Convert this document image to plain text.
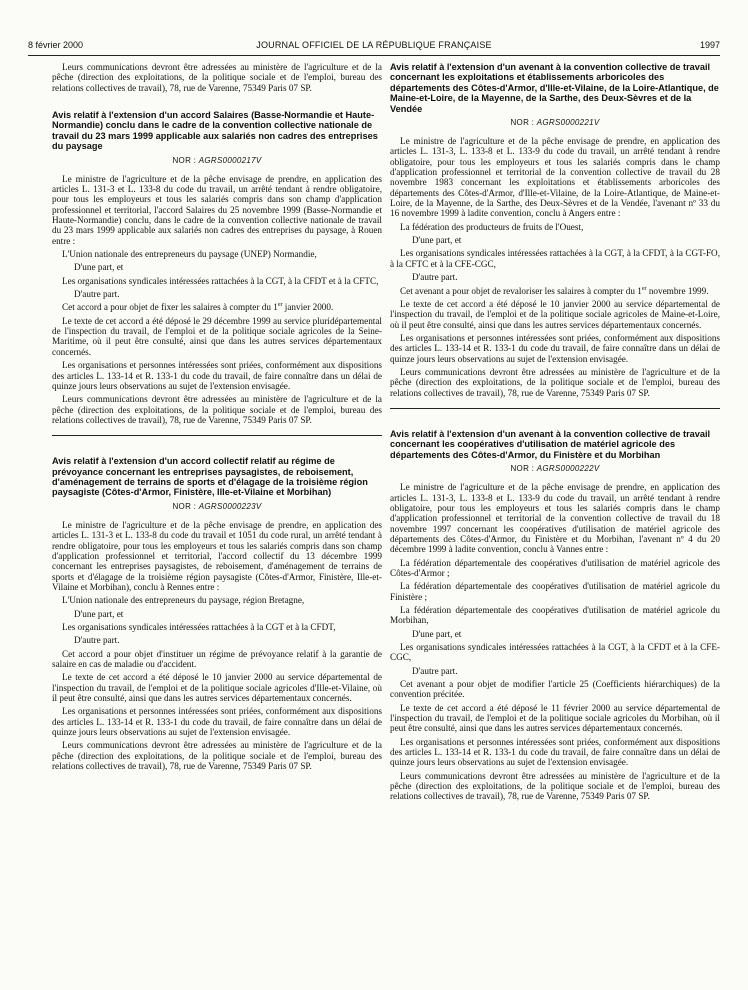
8 février 2000	JOURNAL OFFICIEL DE LA RÉPUBLIQUE FRANÇAISE	1997

Leurs communications devront être adressées au ministère de l'agriculture et de la pêche (direction des exploitations, de la politique sociale et de l'emploi, bureau des relations collectives de travail), 78, rue de Varenne, 75349 Paris 07 SP.

Avis relatif à l'extension d'un accord Salaires (Basse-Normandie et Haute-Normandie) conclu dans le cadre de la convention collective nationale de travail du 23 mars 1999 applicable aux salariés non cadres des entreprises du paysage
NOR : AGRS0000217V

Le ministre de l'agriculture et de la pêche envisage de prendre, en application des articles L. 131-3 et L. 133-8 du code du travail, un arrêté tendant à rendre obligatoire, pour tous les employeurs et tous les salariés compris dans son champ d'application professionnel et territorial, l'accord Salaires du 25 novembre 1999 (Basse-Normandie et Haute-Normandie) conclu, dans le cadre de la convention collective nationale de travail du 23 mars 1999 applicable aux salariés non cadres des entreprises du paysage, à Rouen entre :

L'Union nationale des entrepreneurs du paysage (UNEP) Normandie,

D'une part, et

Les organisations syndicales intéressées rattachées à la CGT, à la CFDT et à la CFTC,

D'autre part.

Cet accord a pour objet de fixer les salaires à compter du 1er janvier 2000.

Le texte de cet accord a été déposé le 29 décembre 1999 au service pluridépartemental de l'inspection du travail, de l'emploi et de la politique sociale agricoles de la Seine-Maritime, où il peut être consulté, ainsi que dans les autres services départementaux concernés.

Les organisations et personnes intéressées sont priées, conformément aux dispositions des articles L. 133-14 et R. 133-1 du code du travail, de faire connaître dans un délai de quinze jours leurs observations au sujet de l'extension envisagée.

Leurs communications devront être adressées au ministère de l'agriculture et de la pêche (direction des exploitations, de la politique sociale et de l'emploi, bureau des relations collectives de travail), 78, rue de Varenne, 75349 Paris 07 SP.

Avis relatif à l'extension d'un accord collectif relatif au régime de prévoyance concernant les entreprises paysagistes, de reboisement, d'aménagement de terrains de sports et d'élagage de la troisième région paysagiste (Côtes-d'Armor, Finistère, Ille-et-Vilaine et Morbihan)
NOR : AGRS0000223V

Le ministre de l'agriculture et de la pêche envisage de prendre, en application des articles L. 131-3 et L. 133-8 du code du travail et 1051 du code rural, un arrêté tendant à rendre obligatoire, pour tous les employeurs et tous les salariés compris dans son champ d'application professionnel et territorial, l'accord collectif du 13 décembre 1999 concernant les entreprises paysagistes, de reboisement, d'aménagement de terrains de sports et d'élagage de la troisième région paysagiste (Côtes-d'Armor, Finistère, Ille-et-Vilaine et Morbihan), conclu à Rennes entre :

L'Union nationale des entrepreneurs du paysage, région Bretagne,

D'une part, et

Les organisations syndicales intéressées rattachées à la CGT et à la CFDT,

D'autre part.

Cet accord a pour objet d'instituer un régime de prévoyance relatif à la garantie de salaire en cas de maladie ou d'accident.

Le texte de cet accord a été déposé le 10 janvier 2000 au service départemental de l'inspection du travail, de l'emploi et de la politique sociale agricoles d'Ille-et-Vilaine, où il peut être consulté, ainsi que dans les autres services départementaux concernés.

Les organisations et personnes intéressées sont priées, conformément aux dispositions des articles L. 133-14 et R. 133-1 du code du travail, de faire connaître dans un délai de quinze jours leurs observations au sujet de l'extension envisagée.

Leurs communications devront être adressées au ministère de l'agriculture et de la pêche (direction des exploitations, de la politique sociale et de l'emploi, bureau des relations collectives de travail), 78, rue de Varenne, 75349 Paris 07 SP.

Avis relatif à l'extension d'un avenant à la convention collective de travail concernant les exploitations et établissements arboricoles des départements des Côtes-d'Armor, d'Ille-et-Vilaine, de la Loire-Atlantique, de Maine-et-Loire, de la Mayenne, de la Sarthe, des Deux-Sèvres et de la Vendée
NOR : AGRS0000221V

Le ministre de l'agriculture et de la pêche envisage de prendre, en application des articles L. 131-3, L. 133-8 et L. 133-9 du code du travail, un arrêté tendant à rendre obligatoire, pour tous les employeurs et tous les salariés compris dans le champ d'application professionnel et territorial de la convention collective de travail du 28 novembre 1983 concernant les exploitations et établissements arboricoles des départements des Côtes-d'Armor, d'Ille-et-Vilaine, de la Loire-Atlantique, de Maine-et-Loire, de la Mayenne, de la Sarthe, des Deux-Sèvres et de la Vendée, l'avenant nº 33 du 16 novembre 1999 à ladite convention, conclu à Angers entre :

La fédération des producteurs de fruits de l'Ouest,

D'une part, et

Les organisations syndicales intéressées rattachées à la CGT, à la CFDT, à la CGT-FO, à la CFTC et à la CFE-CGC,

D'autre part.

Cet avenant a pour objet de revaloriser les salaires à compter du 1er novembre 1999.

Le texte de cet accord a été déposé le 10 janvier 2000 au service départemental de l'inspection du travail, de l'emploi et de la politique sociale agricoles de Maine-et-Loire, où il peut être consulté, ainsi que dans les autres services départementaux concernés.

Les organisations et personnes intéressées sont priées, conformément aux dispositions des articles L. 133-14 et R. 133-1 du code du travail, de faire connaître dans un délai de quinze jours leurs observations au sujet de l'extension envisagée.

Leurs communications devront être adressées au ministère de l'agriculture et de la pêche (direction des exploitations, de la politique sociale et de l'emploi, bureau des relations collectives de travail), 78, rue de Varenne, 75349 Paris 07 SP.

Avis relatif à l'extension d'un avenant à la convention collective de travail concernant les coopératives d'utilisation de matériel agricole des départements des Côtes-d'Armor, du Finistère et du Morbihan
NOR : AGRS0000222V

Le ministre de l'agriculture et de la pêche envisage de prendre, en application des articles L. 131-3, L. 133-8 et L. 133-9 du code du travail, un arrêté tendant à rendre obligatoire, pour tous les employeurs et tous les salariés compris dans le champ d'application professionnel et territorial de la convention collective de travail du 18 novembre 1997 concernant les coopératives d'utilisation de matériel agricole des départements des Côtes-d'Armor, du Finistère et du Morbihan, l'avenant nº 4 du 20 décembre 1999 à ladite convention, conclu à Vannes entre :

La fédération départementale des coopératives d'utilisation de matériel agricole des Côtes-d'Armor ;

La fédération départementale des coopératives d'utilisation de matériel agricole du Finistère ;

La fédération départementale des coopératives d'utilisation de matériel agricole du Morbihan,

D'une part, et

Les organisations syndicales intéressées rattachées à la CGT, à la CFDT et à la CFE-CGC,

D'autre part.

Cet avenant a pour objet de modifier l'article 25 (Coefficients hiérarchiques) de la convention précitée.

Le texte de cet accord a été déposé le 11 février 2000 au service départemental de l'inspection du travail, de l'emploi et de la politique sociale agricoles du Morbihan, où il peut être consulté, ainsi que dans les autres services départementaux concernés.

Les organisations et personnes intéressées sont priées, conformément aux dispositions des articles L. 133-14 et R. 133-1 du code du travail, de faire connaître dans un délai de quinze jours leurs observations au sujet de l'extension envisagée.

Leurs communications devront être adressées au ministère de l'agriculture et de la pêche (direction des exploitations, de la politique sociale et de l'emploi, bureau des relations collectives de travail), 78, rue de Varenne, 75349 Paris 07 SP.
